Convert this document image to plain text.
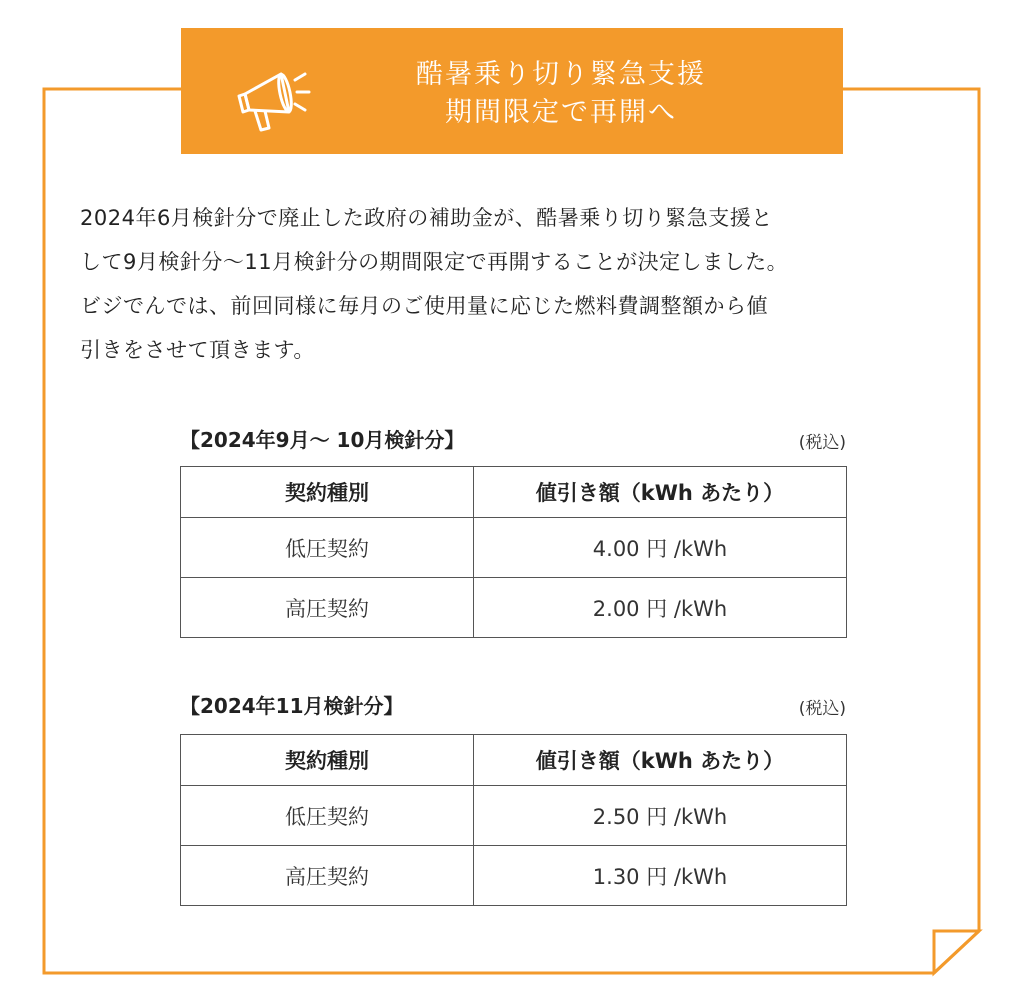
酷暑乗り切り緊急支援
期間限定で再開へ
2024年6月検針分で廃止した政府の補助金が、酷暑乗り切り緊急支援と
して9月検針分～11月検針分の期間限定で再開することが決定しました。
ビジでんでは、前回同様に毎月のご使用量に応じた燃料費調整額から値
引きをさせて頂きます。
【2024年9月～ 10月検針分】	(税込)
契約種別	値引き額（kWh あたり）
低圧契約	4.00 円 /kWh
高圧契約	2.00 円 /kWh
【2024年11月検針分】	(税込)
契約種別	値引き額（kWh あたり）
低圧契約	2.50 円 /kWh
高圧契約	1.30 円 /kWh
